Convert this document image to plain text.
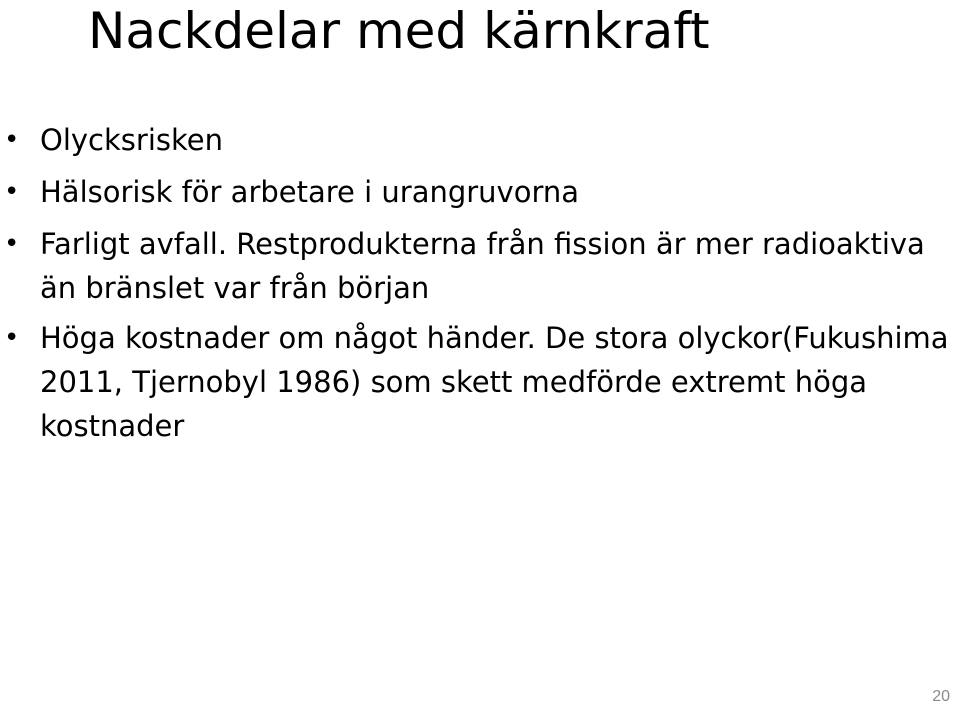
Nackdelar med kärnkraft
• Olycksrisken
• Hälsorisk för arbetare i urangruvorna
• Farligt avfall. Restprodukterna från fission är mer radioaktiva än bränslet var från början
• Höga kostnader om något händer. De stora olyckor(Fukushima 2011, Tjernobyl 1986) som skett medförde extremt höga kostnader
20
